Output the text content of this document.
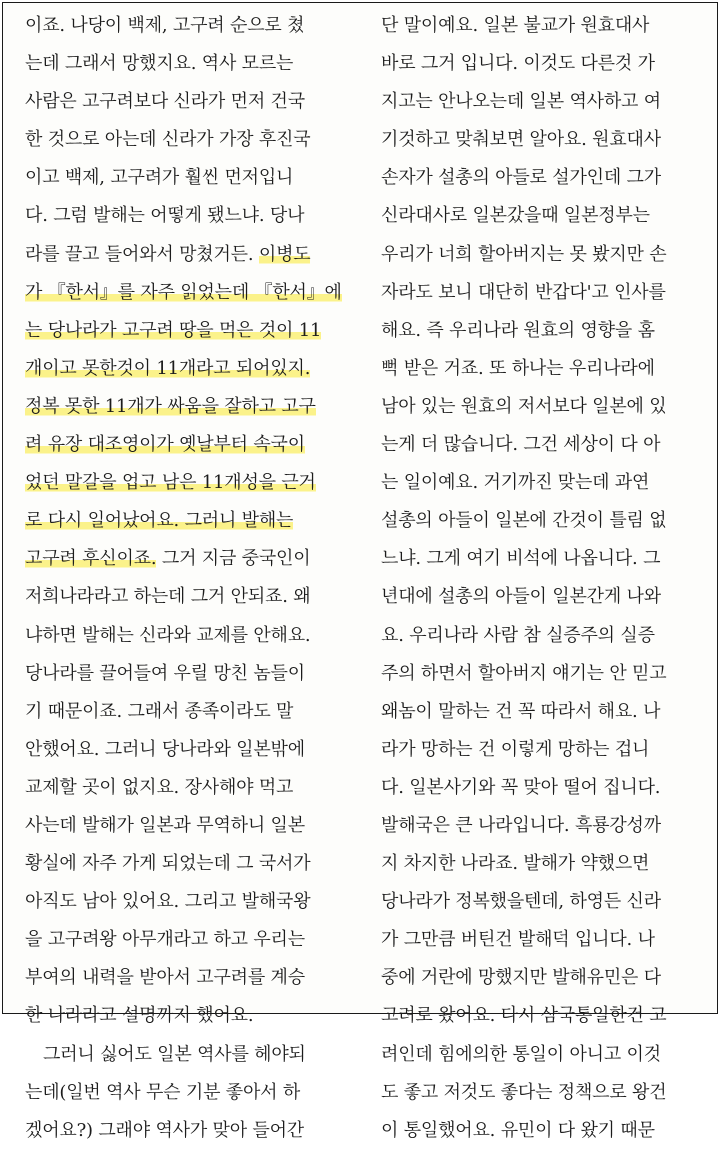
이죠. 나당이 백제, 고구려 순으로 쳤
는데 그래서 망했지요. 역사 모르는
사람은 고구려보다 신라가 먼저 건국
한 것으로 아는데 신라가 가장 후진국
이고 백제, 고구려가 훨씬 먼저입니
다. 그럼 발해는 어떻게 됐느냐. 당나
라를 끌고 들어와서 망쳤거든. 이병도
가 『한서』를 자주 읽었는데 『한서』에
는 당나라가 고구려 땅을 먹은 것이 11
개이고 못한것이 11개라고 되어있지.
정복 못한 11개가 싸움을 잘하고 고구
려 유장 대조영이가 옛날부터 속국이
었던 말갈을 업고 남은 11개성을 근거
로 다시 일어났어요. 그러니 발해는
고구려 후신이죠. 그거 지금 중국인이
저희나라라고 하는데 그거 안되죠. 왜
냐하면 발해는 신라와 교제를 안해요.
당나라를 끌어들여 우릴 망친 놈들이
기 때문이죠. 그래서 종족이라도 말
안했어요. 그러니 당나라와 일본밖에
교제할 곳이 없지요. 장사해야 먹고
사는데 발해가 일본과 무역하니 일본
황실에 자주 가게 되었는데 그 국서가
아직도 남아 있어요. 그리고 발해국왕
을 고구려왕 아무개라고 하고 우리는
부여의 내력을 받아서 고구려를 계승
한 나라라고 설명까지 했어요.
그러니 싫어도 일본 역사를 헤야되
는데(일번 역사 무슨 기분 좋아서 하
겠어요?) 그래야 역사가 맞아 들어간
단 말이예요. 일본 불교가 원효대사
바로 그거 입니다. 이것도 다른것 가
지고는 안나오는데 일본 역사하고 여
기것하고 맞춰보면 알아요. 원효대사
손자가 설총의 아들로 설가인데 그가
신라대사로 일본갔을때 일본정부는
우리가 너희 할아버지는 못 봤지만 손
자라도 보니 대단히 반갑다'고 인사를
해요. 즉 우리나라 원효의 영향을 홈
뻑 받은 거죠. 또 하나는 우리나라에
남아 있는 원효의 저서보다 일본에 있
는게 더 많습니다. 그건 세상이 다 아
는 일이예요. 거기까진 맞는데 과연
설총의 아들이 일본에 간것이 틀림 없
느냐. 그게 여기 비석에 나옵니다. 그
년대에 설총의 아들이 일본간게 나와
요. 우리나라 사람 참 실증주의 실증
주의 하면서 할아버지 얘기는 안 믿고
왜놈이 말하는 건 꼭 따라서 해요. 나
라가 망하는 건 이렇게 망하는 겁니
다. 일본사기와 꼭 맞아 떨어 집니다.
발해국은 큰 나라입니다. 흑룡강성까
지 차지한 나라죠. 발해가 약했으면
당나라가 정복했을텐데, 하영든 신라
가 그만큼 버틴건 발해덕 입니다. 나
중에 거란에 망했지만 발해유민은 다
고려로 왔어요. 다시 삼국통일한건 고
려인데 힘에의한 통일이 아니고 이것
도 좋고 저것도 좋다는 정책으로 왕건
이 통일했어요. 유민이 다 왔기 때문
